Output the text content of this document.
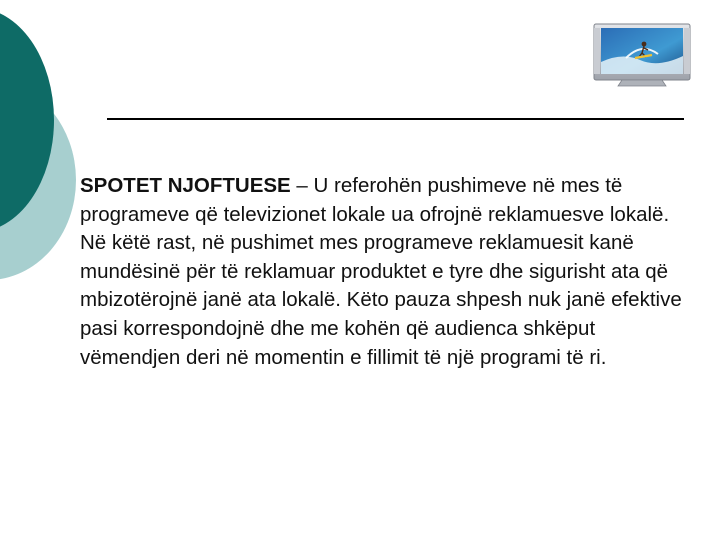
SPOTET NJOFTUESE – U referohën pushimeve në mes të programeve që televizionet lokale ua ofrojnë reklamuesve lokalë. Në këtë rast, në pushimet mes programeve reklamuesit kanë mundësinë për të reklamuar produktet e tyre dhe sigurisht ata që mbizotërojnë janë ata lokalë. Këto pauza shpesh nuk janë efektive pasi korrespondojnë dhe me kohën që audienca shkëput vëmendjen deri në momentin e fillimit të një programi të ri.
